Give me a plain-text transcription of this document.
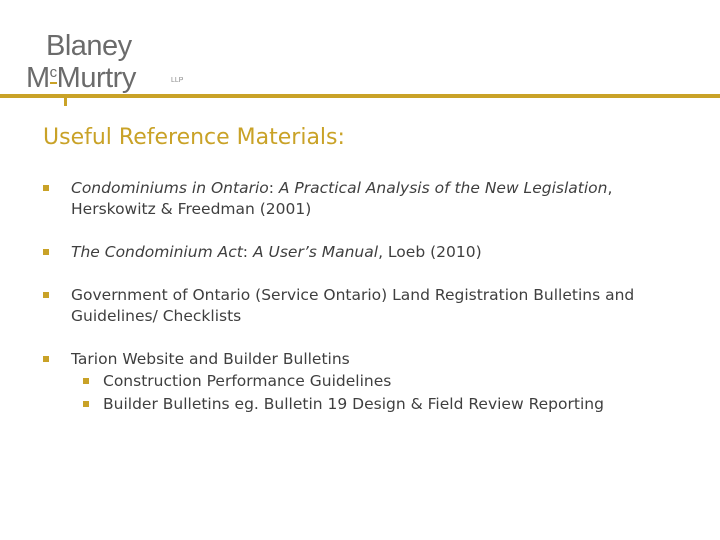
Blaney
$M^cMurtry$	LLP
Useful Reference Materials:
Condominiums in Ontario: A Practical Analysis of the New Legislation, Herskowitz & Freedman (2001)
The Condominium Act: A User’s Manual, Loeb (2010)
Government of Ontario (Service Ontario) Land Registration Bulletins and Guidelines/ Checklists
Tarion Website and Builder Bulletins
Construction Performance Guidelines
Builder Bulletins eg. Bulletin 19 Design & Field Review Reporting
